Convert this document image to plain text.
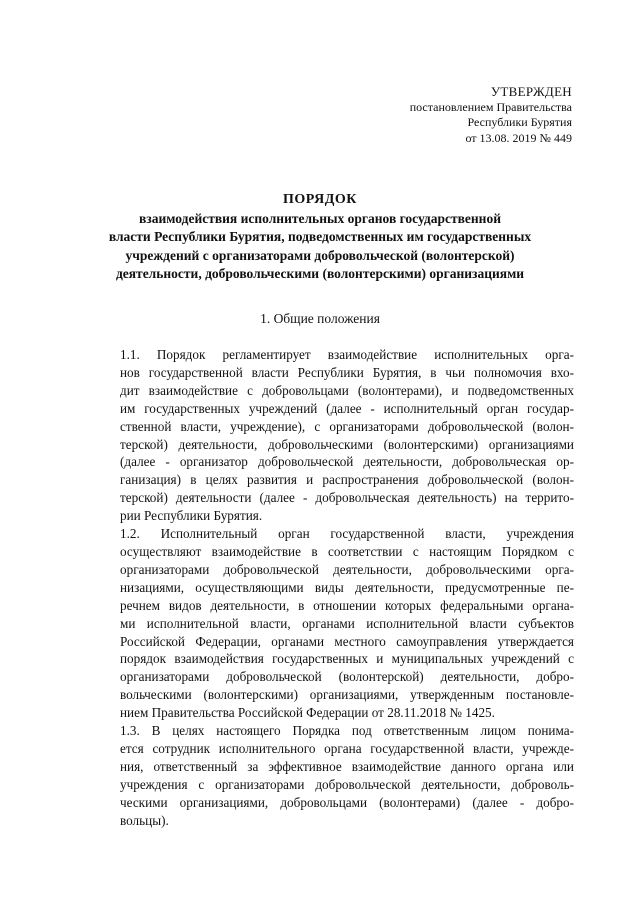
УТВЕРЖДЕН
постановлением Правительства
Республики Бурятия
от 13.08. 2019 № 449
ПОРЯДОК
взаимодействия исполнительных органов государственной
власти Республики Бурятия, подведомственных им государственных
учреждений с организаторами добровольческой (волонтерской)
деятельности, добровольческими (волонтерскими) организациями
1. Общие положения
1.1. Порядок регламентирует взаимодействие исполнительных орга-
нов государственной власти Республики Бурятия, в чьи полномочия вхо-
дит взаимодействие с добровольцами (волонтерами), и подведомственных
им государственных учреждений (далее - исполнительный орган государ-
ственной власти, учреждение), с организаторами добровольческой (волон-
терской) деятельности, добровольческими (волонтерскими) организациями
(далее - организатор добровольческой деятельности, добровольческая ор-
ганизация) в целях развития и распространения добровольческой (волон-
терской) деятельности (далее - добровольческая деятельность) на террито-
рии Республики Бурятия.
1.2. Исполнительный орган государственной власти, учреждения
осуществляют взаимодействие в соответствии с настоящим Порядком с
организаторами добровольческой деятельности, добровольческими орга-
низациями, осуществляющими виды деятельности, предусмотренные пе-
речнем видов деятельности, в отношении которых федеральными органа-
ми исполнительной власти, органами исполнительной власти субъектов
Российской Федерации, органами местного самоуправления утверждается
порядок взаимодействия государственных и муниципальных учреждений с
организаторами добровольческой (волонтерской) деятельности, добро-
вольческими (волонтерскими) организациями, утвержденным постановле-
нием Правительства Российской Федерации от 28.11.2018 № 1425.
1.3. В целях настоящего Порядка под ответственным лицом понима-
ется сотрудник исполнительного органа государственной власти, учрежде-
ния, ответственный за эффективное взаимодействие данного органа или
учреждения с организаторами добровольческой деятельности, доброволь-
ческими организациями, добровольцами (волонтерами) (далее - добро-
вольцы).
